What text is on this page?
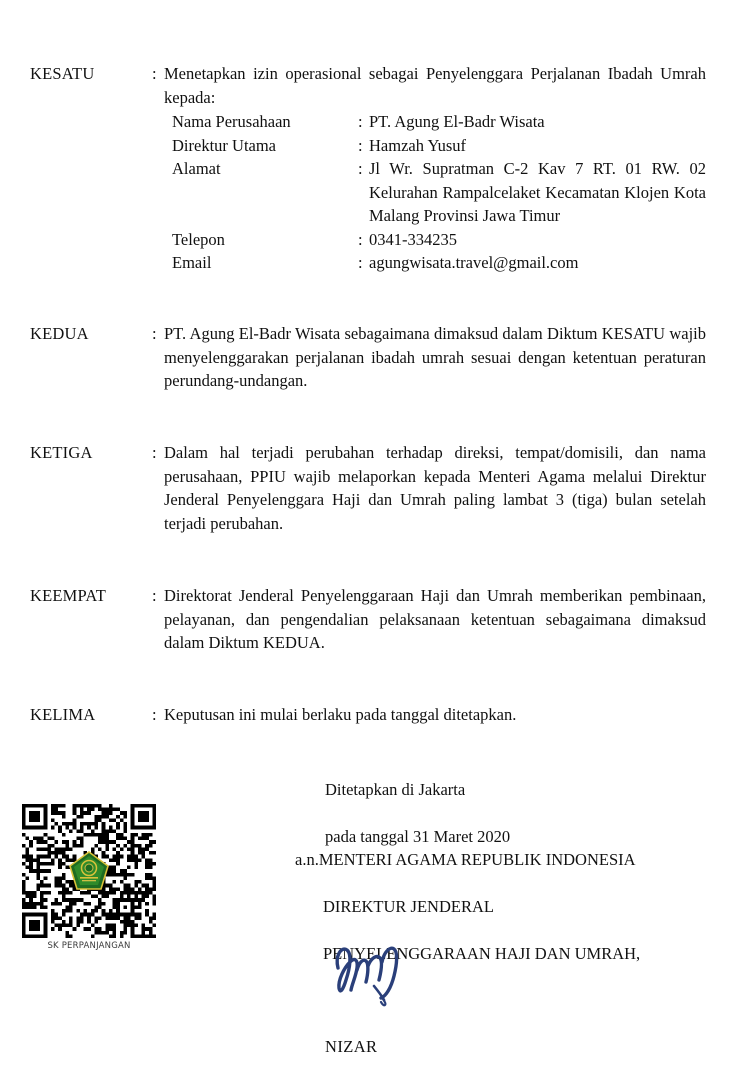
KESATU	: Menetapkan izin operasional sebagai Penyelenggara Perjalanan Ibadah Umrah kepada:
Nama Perusahaan	: PT. Agung El-Badr Wisata
Direktur Utama	: Hamzah Yusuf
Alamat	: Jl Wr. Supratman C-2 Kav 7 RT. 01 RW. 02 Kelurahan Rampalcelaket Kecamatan Klojen Kota Malang Provinsi Jawa Timur
Telepon	: 0341-334235
Email	: agungwisata.travel@gmail.com
KEDUA	: PT. Agung El-Badr Wisata sebagaimana dimaksud dalam Diktum KESATU wajib menyelenggarakan perjalanan ibadah umrah sesuai dengan ketentuan peraturan perundang-undangan.
KETIGA	: Dalam hal terjadi perubahan terhadap direksi, tempat/domisili, dan nama perusahaan, PPIU wajib melaporkan kepada Menteri Agama melalui Direktur Jenderal Penyelenggara Haji dan Umrah paling lambat 3 (tiga) bulan setelah terjadi perubahan.
KEEMPAT	: Direktorat Jenderal Penyelenggaraan Haji dan Umrah memberikan pembinaan, pelayanan, dan pengendalian pelaksanaan ketentuan sebagaimana dimaksud dalam Diktum KEDUA.
KELIMA	: Keputusan ini mulai berlaku pada tanggal ditetapkan.

Ditetapkan di Jakarta

pada tanggal 31 Maret 2020

a.n.MENTERI AGAMA REPUBLIK INDONESIA

DIREKTUR JENDERAL

PENYELENGGARAAN HAJI DAN UMRAH,

NIZAR
SK PERPANJANGAN
